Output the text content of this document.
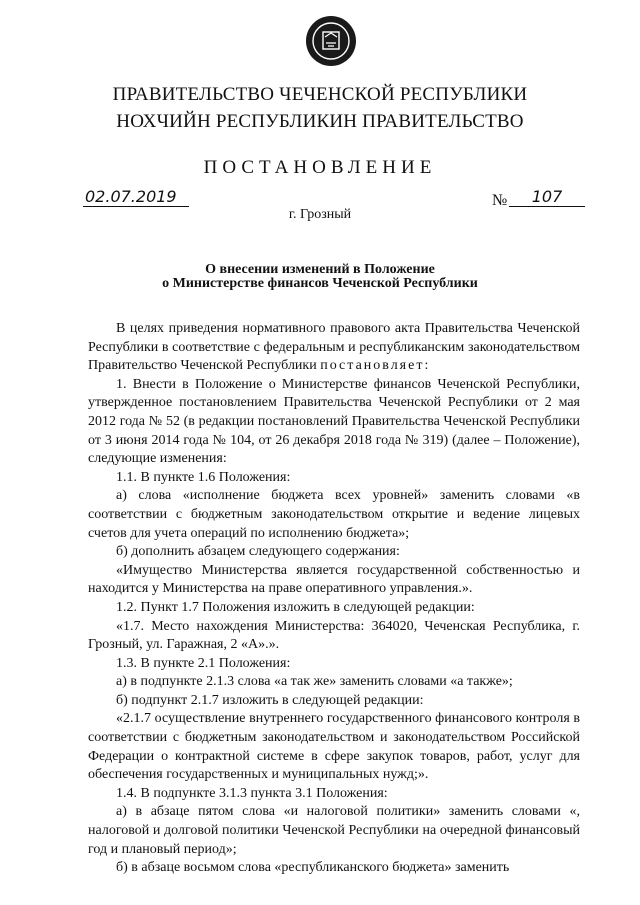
ПРАВИТЕЛЬСТВО ЧЕЧЕНСКОЙ РЕСПУБЛИКИ
НОХЧИЙН РЕСПУБЛИКИН ПРАВИТЕЛЬСТВО
ПОСТАНОВЛЕНИЕ
02.07.2019	№	107
г. Грозный
О внесении изменений в Положение
о Министерстве финансов Чеченской Республики

В целях приведения нормативного правового акта Правительства Чеченской Республики в соответствие с федеральным и республиканским законодательством Правительство Чеченской Республики постановляет:

1. Внести в Положение о Министерстве финансов Чеченской Республики, утвержденное постановлением Правительства Чеченской Республики от 2 мая 2012 года № 52 (в редакции постановлений Правительства Чеченской Республики от 3 июня 2014 года № 104, от 26 декабря 2018 года № 319) (далее – Положение), следующие изменения:

1.1. В пункте 1.6 Положения:

а) слова «исполнение бюджета всех уровней» заменить словами «в соответствии с бюджетным законодательством открытие и ведение лицевых счетов для учета операций по исполнению бюджета»;

б) дополнить абзацем следующего содержания:

«Имущество Министерства является государственной собственностью и находится у Министерства на праве оперативного управления.».

1.2. Пункт 1.7 Положения изложить в следующей редакции:

«1.7. Место нахождения Министерства: 364020, Чеченская Республика, г. Грозный, ул. Гаражная, 2 «А».».

1.3. В пункте 2.1 Положения:

а) в подпункте 2.1.3 слова «а так же» заменить словами «а также»;

б) подпункт 2.1.7 изложить в следующей редакции:

«2.1.7 осуществление внутреннего государственного финансового контроля в соответствии с бюджетным законодательством и законодательством Российской Федерации о контрактной системе в сфере закупок товаров, работ, услуг для обеспечения государственных и муниципальных нужд;».

1.4. В подпункте 3.1.3 пункта 3.1 Положения:

а) в абзаце пятом слова «и налоговой политики» заменить словами «, налоговой и долговой политики Чеченской Республики на очередной финансовый год и плановый период»;

б) в абзаце восьмом слова «республиканского бюджета» заменить
